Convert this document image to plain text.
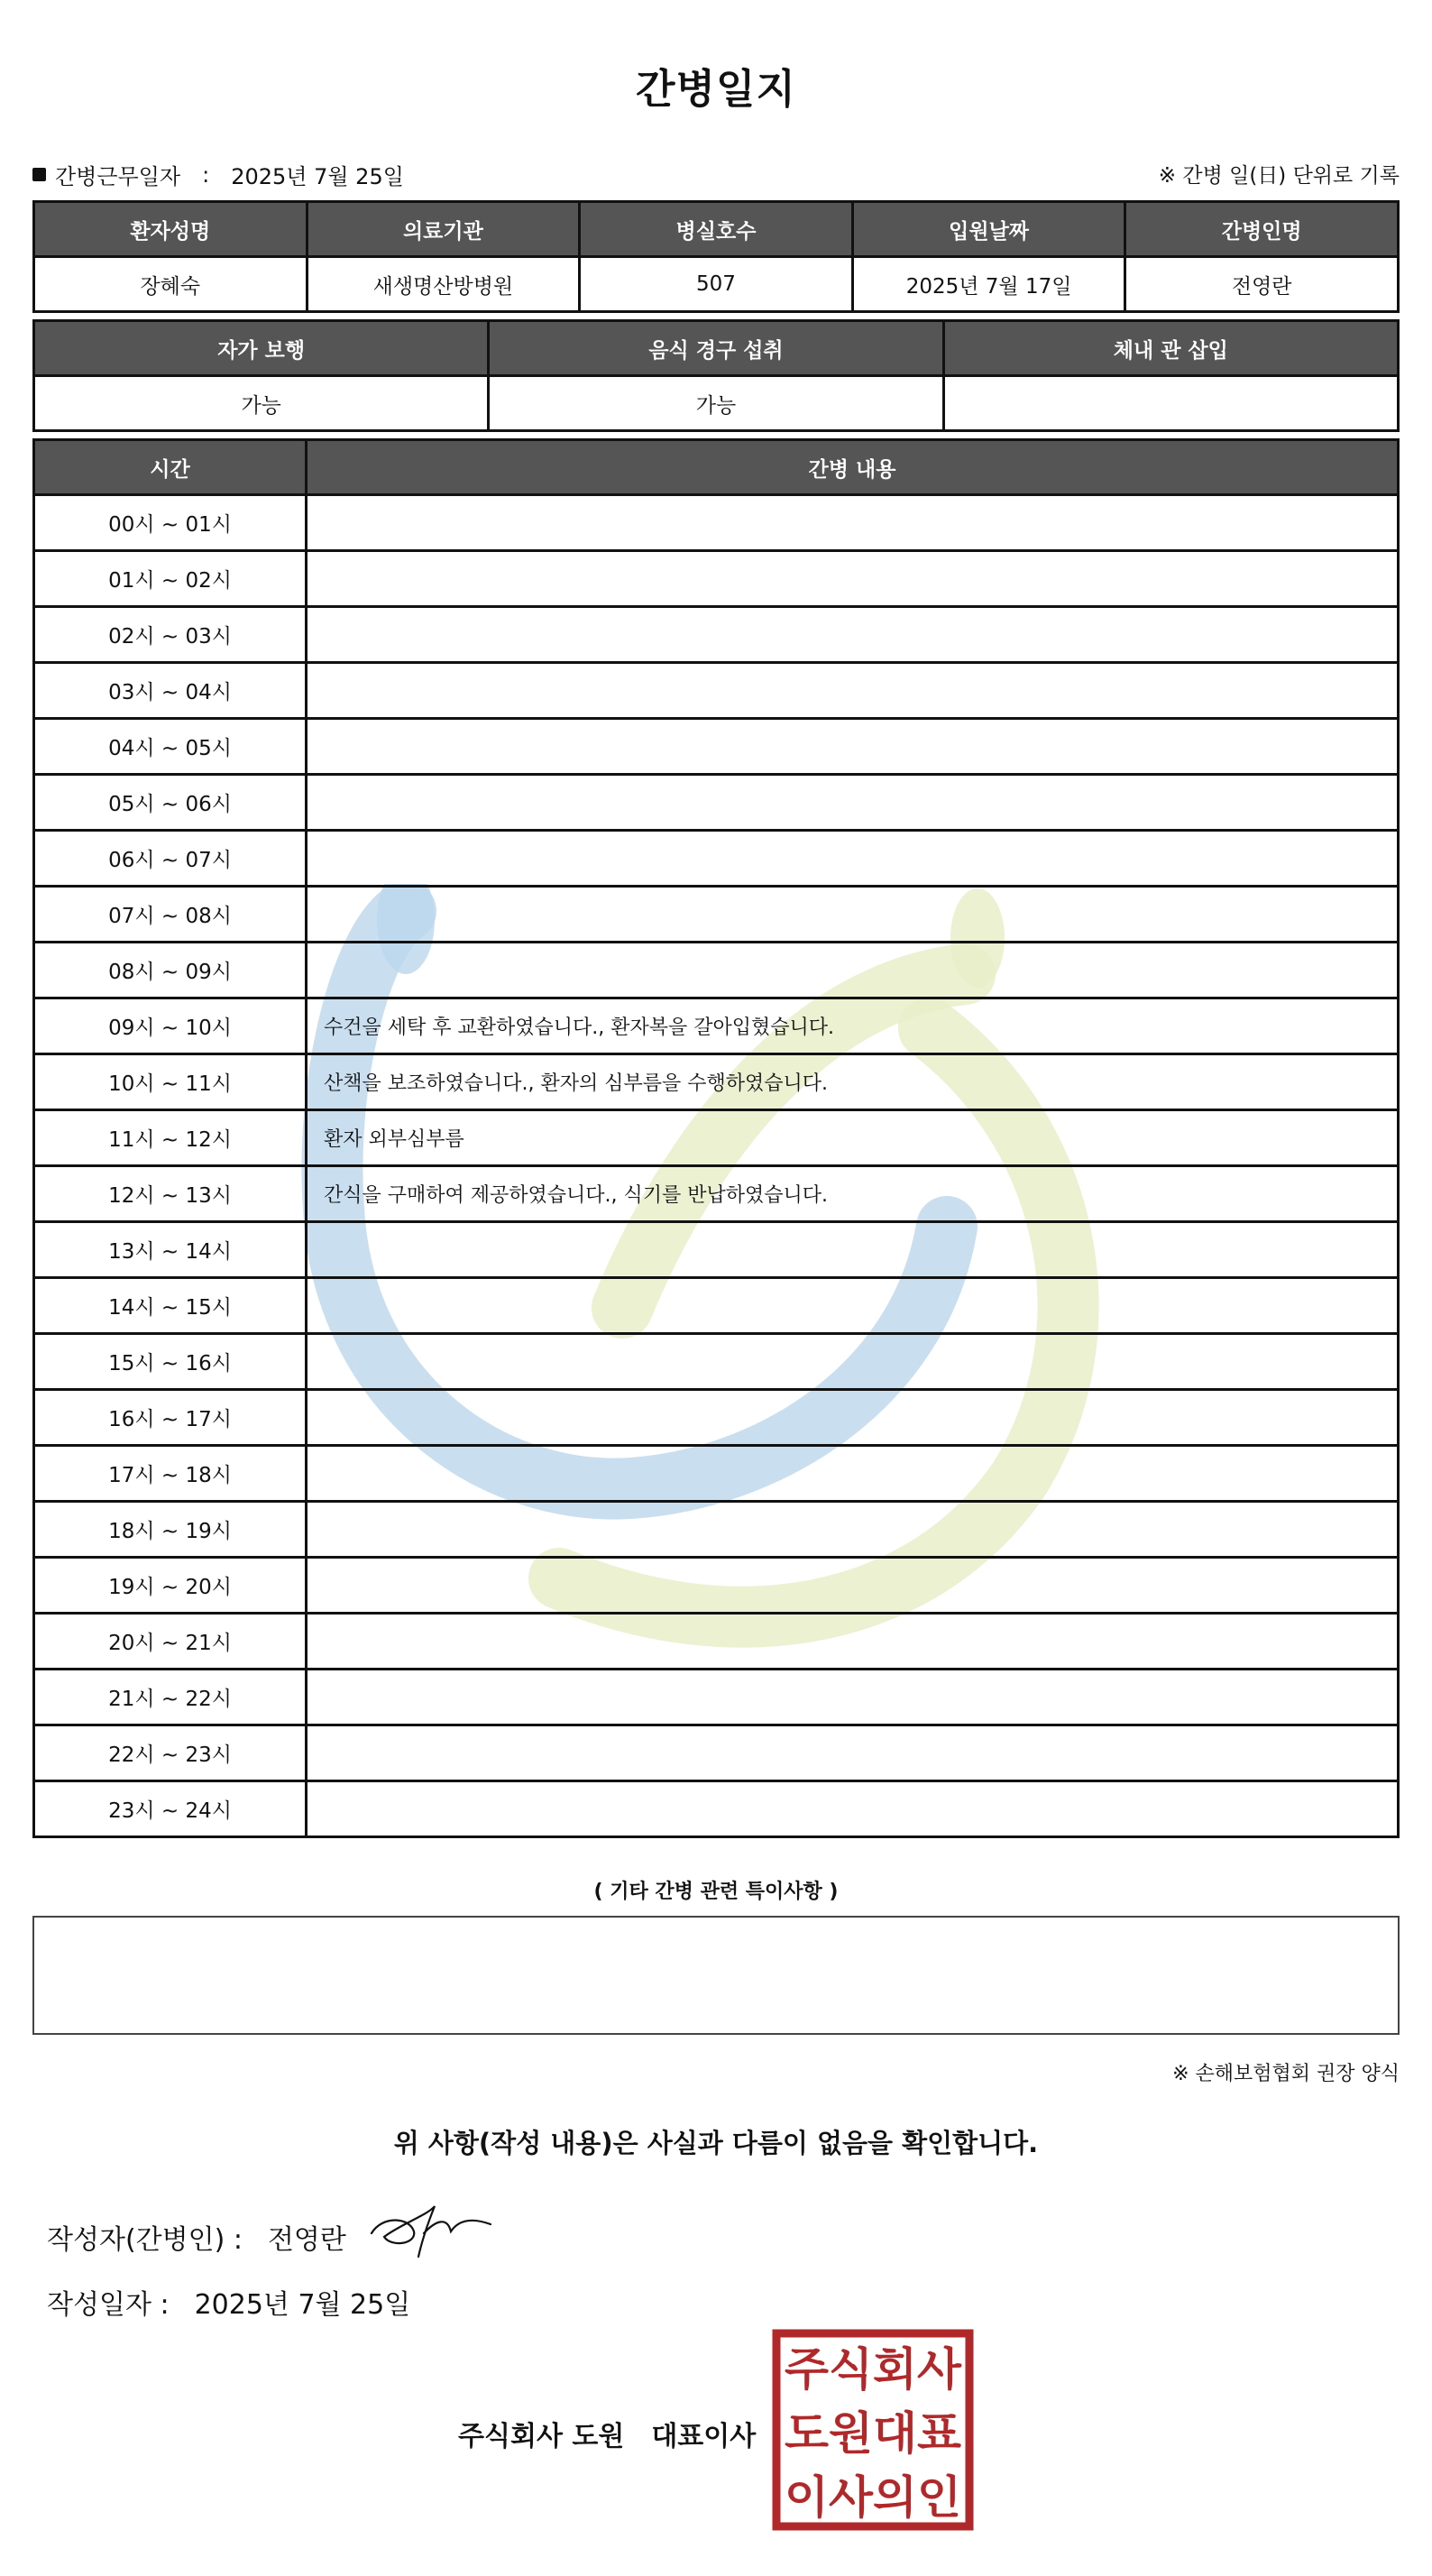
간병일지
간병근무일자 : 2025년 7월 25일	※ 간병 일(日) 단위로 기록
환자성명	의료기관	병실호수	입원날짜	간병인명
장혜숙	새생명산방병원	507	2025년 7월 17일	전영란
자가 보행	음식 경구 섭취	체내 관 삽입
가능	가능	
시간	간병 내용
00시 ~ 01시	
01시 ~ 02시	
02시 ~ 03시	
03시 ~ 04시	
04시 ~ 05시	
05시 ~ 06시	
06시 ~ 07시	
07시 ~ 08시	
08시 ~ 09시	
09시 ~ 10시	수건을 세탁 후 교환하였습니다., 환자복을 갈아입혔습니다.
10시 ~ 11시	산책을 보조하였습니다., 환자의 심부름을 수행하였습니다.
11시 ~ 12시	환자 외부심부름
12시 ~ 13시	간식을 구매하여 제공하였습니다., 식기를 반납하였습니다.
13시 ~ 14시	
14시 ~ 15시	
15시 ~ 16시	
16시 ~ 17시	
17시 ~ 18시	
18시 ~ 19시	
19시 ~ 20시	
20시 ~ 21시	
21시 ~ 22시	
22시 ~ 23시	
23시 ~ 24시	
( 기타 간병 관련 특이사항 )
※ 손해보험협회 권장 양식
위 사항(작성 내용)은 사실과 다름이 없음을 확인합니다.
작성자(간병인) : 전영란
작성일자 : 2025년 7월 25일
주식회사 도원 대표이사
주식회사
도원대표
이사의인
